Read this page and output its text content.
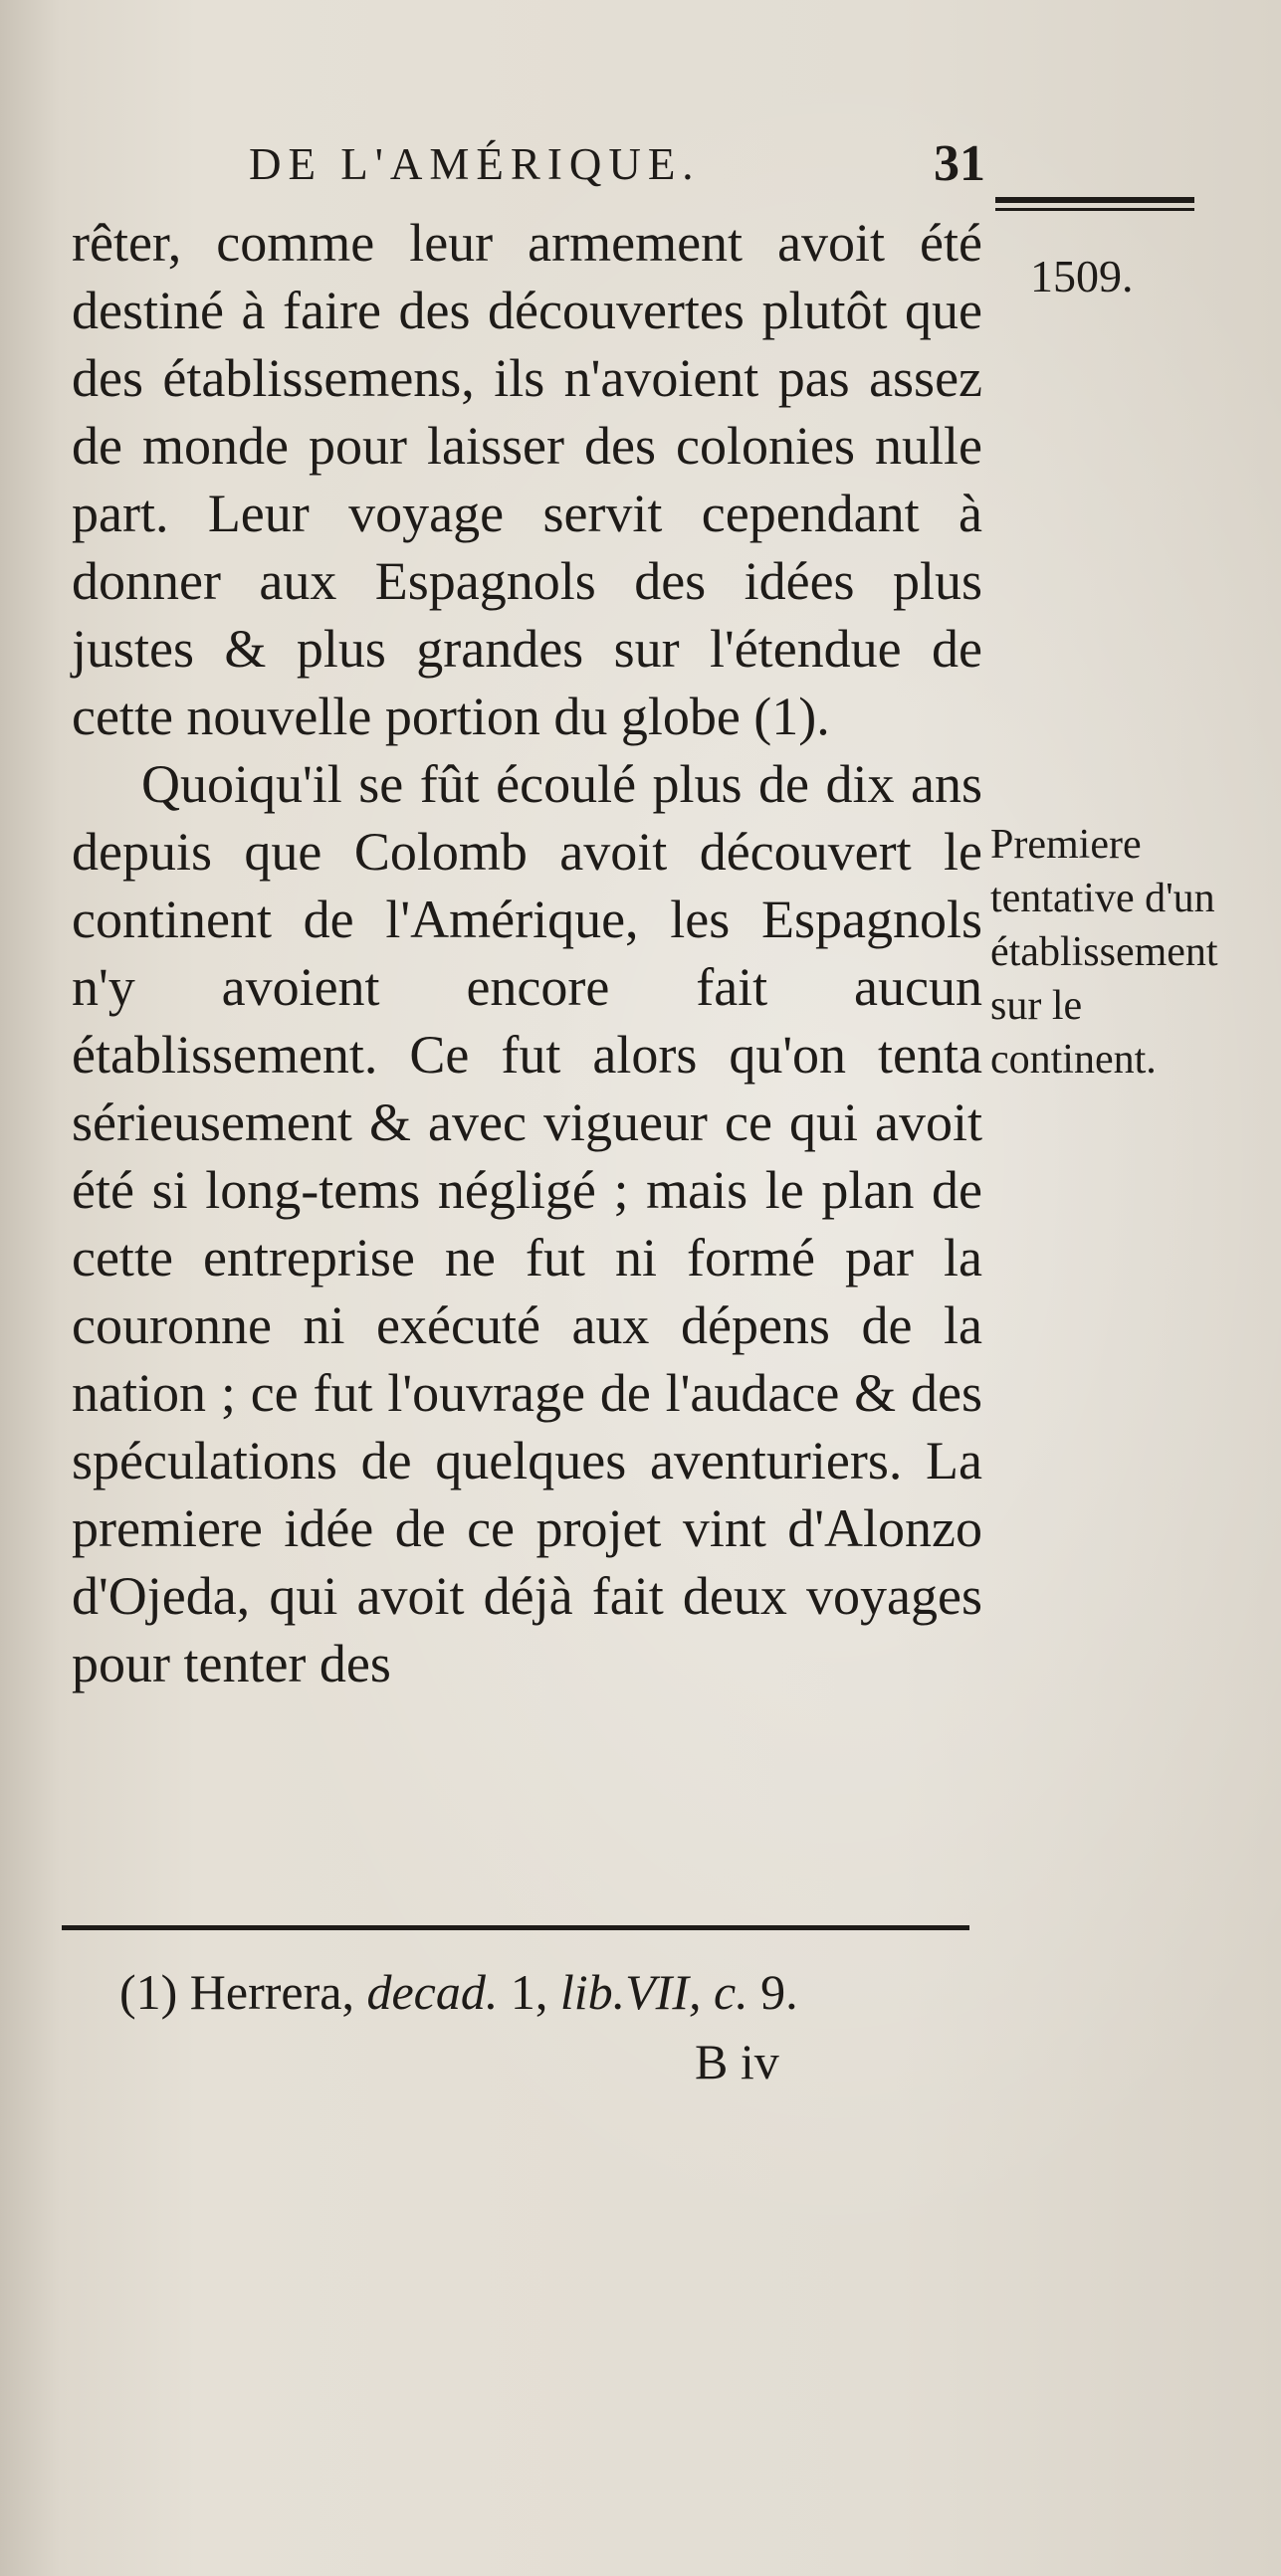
DE L'AMÉRIQUE.	31
1509.
Premiere tentative d'un établissement sur le continent.

rêter, comme leur armement avoit été destiné à faire des découvertes plutôt que des établissemens, ils n'avoient pas assez de monde pour laisser des colonies nulle part. Leur voyage servit cependant à donner aux Espagnols des idées plus justes & plus grandes sur l'étendue de cette nouvelle portion du globe (1).

Quoiqu'il se fût écoulé plus de dix ans depuis que Colomb avoit découvert le continent de l'Amérique, les Espagnols n'y avoient encore fait aucun établissement. Ce fut alors qu'on tenta sérieusement & avec vigueur ce qui avoit été si long-tems négligé ; mais le plan de cette entreprise ne fut ni formé par la couronne ni exécuté aux dépens de la nation ; ce fut l'ouvrage de l'audace & des spéculations de quelques aventuriers. La premiere idée de ce projet vint d'Alonzo d'Ojeda, qui avoit déjà fait deux voyages pour tenter des

(1) Herrera, decad. 1, lib.VII, c. 9.
B iv
